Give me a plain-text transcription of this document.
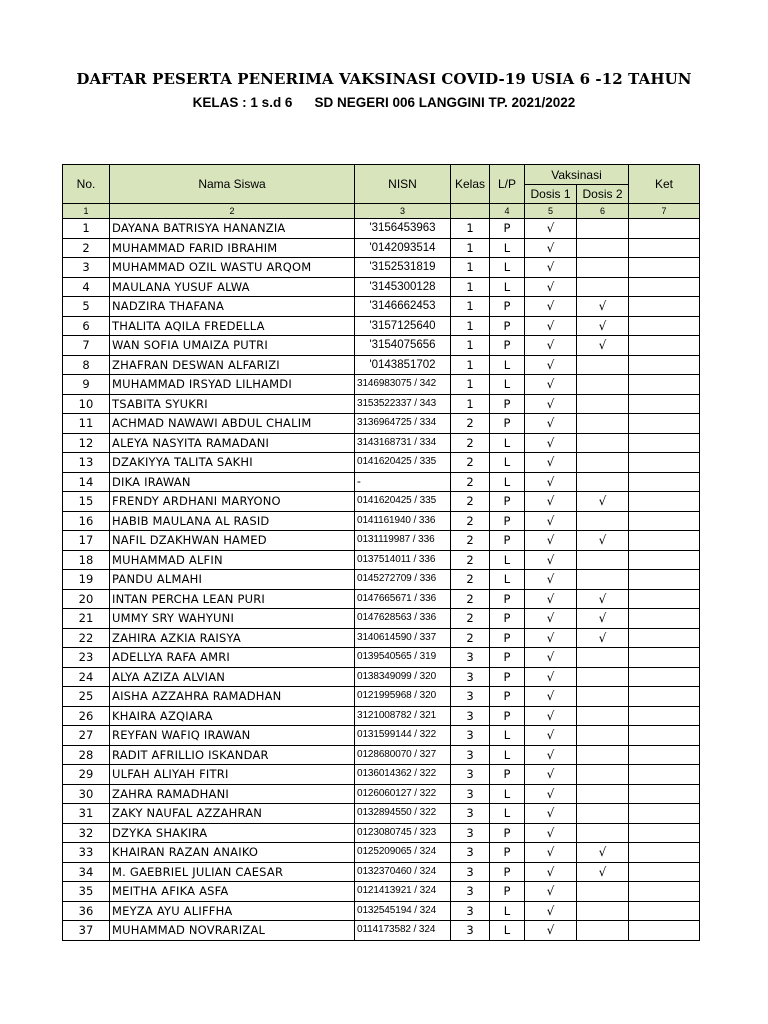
DAFTAR PESERTA PENERIMA VAKSINASI COVID-19 USIA 6 -12 TAHUN
KELAS : 1 s.d 6 SD NEGERI 006 LANGGINI TP. 2021/2022
No.	Nama Siswa	NISN	Kelas	L/P	Vaksinasi		Ket
					Dosis 1	Dosis 2	
1	2	3		4	5	6	7
1	DAYANA BATRISYA HANANZIA	'3156453963	1	P	√		
2	MUHAMMAD FARID IBRAHIM	'0142093514	1	L	√		
3	MUHAMMAD OZIL WASTU ARQOM	'3152531819	1	L	√		
4	MAULANA YUSUF ALWA	'3145300128	1	L	√		
5	NADZIRA THAFANA	'3146662453	1	P	√	√	
6	THALITA AQILA FREDELLA	'3157125640	1	P	√	√	
7	WAN SOFIA UMAIZA PUTRI	'3154075656	1	P	√	√	
8	ZHAFRAN DESWAN ALFARIZI	'0143851702	1	L	√		
9	MUHAMMAD IRSYAD LILHAMDI	3146983075 / 342	1	L	√		
10	TSABITA SYUKRI	3153522337 / 343	1	P	√		
11	ACHMAD NAWAWI ABDUL CHALIM	3136964725 / 334	2	P	√		
12	ALEYA NASYITA RAMADANI	3143168731 / 334	2	L	√		
13	DZAKIYYA TALITA SAKHI	0141620425 / 335	2	L	√		
14	DIKA IRAWAN	-	2	L	√		
15	FRENDY ARDHANI MARYONO	0141620425 / 335	2	P	√	√	
16	HABIB MAULANA AL RASID	0141161940 / 336	2	P	√		
17	NAFIL DZAKHWAN HAMED	0131119987 / 336	2	P	√	√	
18	MUHAMMAD ALFIN	0137514011 / 336	2	L	√		
19	PANDU ALMAHI	0145272709 / 336	2	L	√		
20	INTAN PERCHA LEAN PURI	0147665671 / 336	2	P	√	√	
21	UMMY SRY WAHYUNI	0147628563 / 336	2	P	√	√	
22	ZAHIRA AZKIA RAISYA	3140614590 / 337	2	P	√	√	
23	ADELLYA RAFA AMRI	0139540565 / 319	3	P	√		
24	ALYA AZIZA ALVIAN	0138349099 / 320	3	P	√		
25	AISHA AZZAHRA RAMADHAN	0121995968 / 320	3	P	√		
26	KHAIRA AZQIARA	3121008782 / 321	3	P	√		
27	REYFAN WAFIQ IRAWAN	0131599144 / 322	3	L	√		
28	RADIT AFRILLIO ISKANDAR	0128680070 / 327	3	L	√		
29	ULFAH ALIYAH FITRI	0136014362 / 322	3	P	√		
30	ZAHRA RAMADHANI	0126060127 / 322	3	L	√		
31	ZAKY NAUFAL AZZAHRAN	0132894550 / 322	3	L	√		
32	DZYKA SHAKIRA	0123080745 / 323	3	P	√		
33	KHAIRAN RAZAN ANAIKO	0125209065 / 324	3	P	√	√	
34	M. GAEBRIEL JULIAN CAESAR	0132370460 / 324	3	P	√	√	
35	MEITHA AFIKA ASFA	0121413921 / 324	3	P	√		
36	MEYZA AYU ALIFFHA	0132545194 / 324	3	L	√		
37	MUHAMMAD NOVRARIZAL	0114173582 / 324	3	L	√		
